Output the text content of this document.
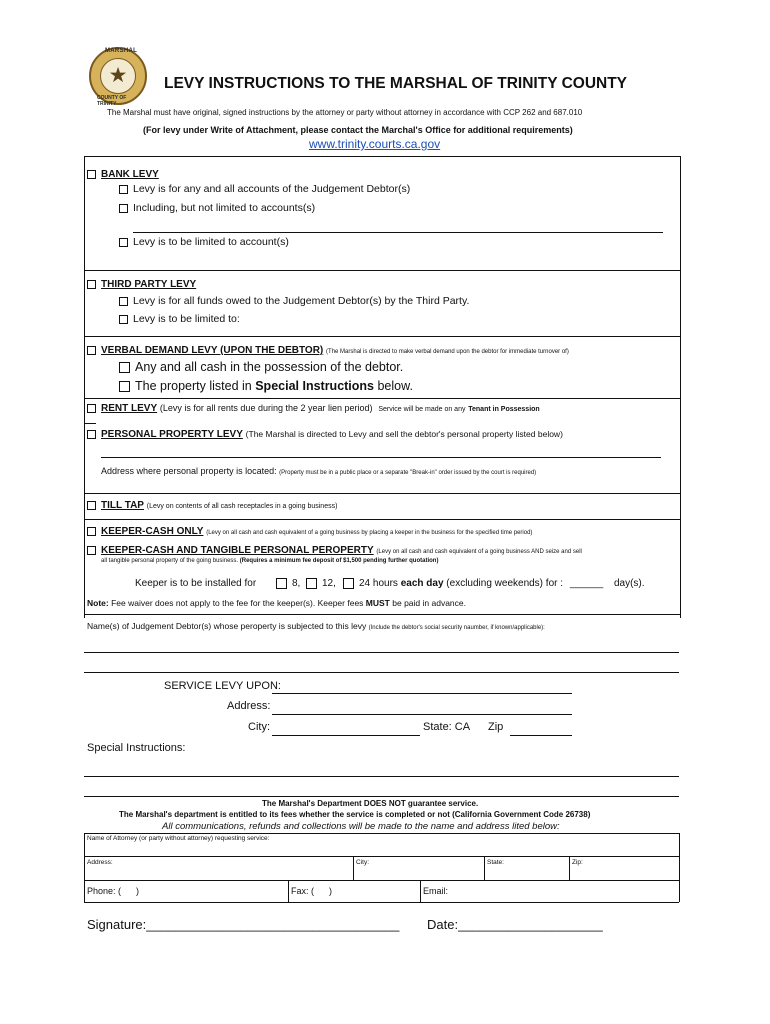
MARSHAL
★
COUNTY OF TRINITY
LEVY INSTRUCTIONS TO THE MARSHAL OF TRINITY COUNTY
The Marshal must have original, signed instructions by the attorney or party without attorney in accordance with CCP 262 and 687.010
(For levy under Write of Attachment, please contact the Marchal's Office for additional requirements)
www.trinity.courts.ca.gov
BANK LEVY
Levy is for any and all accounts of the Judgement Debtor(s)
Including, but not limited to accounts(s)
Levy is to be limited to account(s)
THIRD PARTY LEVY
Levy is for all funds owed to the Judgement Debtor(s) by the Third Party.
Levy is to be limited to:
VERBAL DEMAND LEVY (UPON THE DEBTOR) (The Marshal is directed to make verbal demand upon the debtor for immediate turnover of)
Any and all cash in the possession of the debtor.
The property listed in Special Instructions below.
RENT LEVY (Levy is for all rents due during the 2 year lien period) Service will be made on any Tenant in Possession
PERSONAL PROPERTY LEVY (The Marshal is directed to Levy and sell the debtor's personal property listed below)
Address where personal property is located: (Property must be in a public place or a separate "Break-in" order issued by the court is required)
TILL TAP (Levy on contents of all cash receptacles in a going business)
KEEPER-CASH ONLY (Levy on all cash and cash equivalent of a going business by placing a keeper in the business for the specified time period)
KEEPER-CASH AND TANGIBLE PERSONAL PEROPERTY (Levy on all cash and cash equivalent of a going business AND seize and sell
all tangible personal property of the going business. (Requires a minimum fee deposit of $1,500 pending further quotation)
Keeper is to be installed for	8,	12,	24 hours each day (excluding weekends) for : ______ day(s).
Note: Fee waiver does not apply to the fee for the keeper(s). Keeper fees MUST be paid in advance.
Name(s) of Judgement Debtor(s) whose peroperty is subjected to this levy (Include the debtor's social security naumber, if known/applicable):
SERVICE LEVY UPON:
Address:
City:	State: CA Zip
Special Instructions:
The Marshal's Department DOES NOT guarantee service.
The Marshal's department is entitled to its fees whether the service is completed or not (California Government Code 26738)
All communications, refunds and collections will be made to the name and address lited below:
Name of Attorney (or party without attorney) requesting service:
Address:	City:	State:	Zip:
Phone: (      )	Fax: (      )	Email:
Signature:___________________________________ Date:____________________
